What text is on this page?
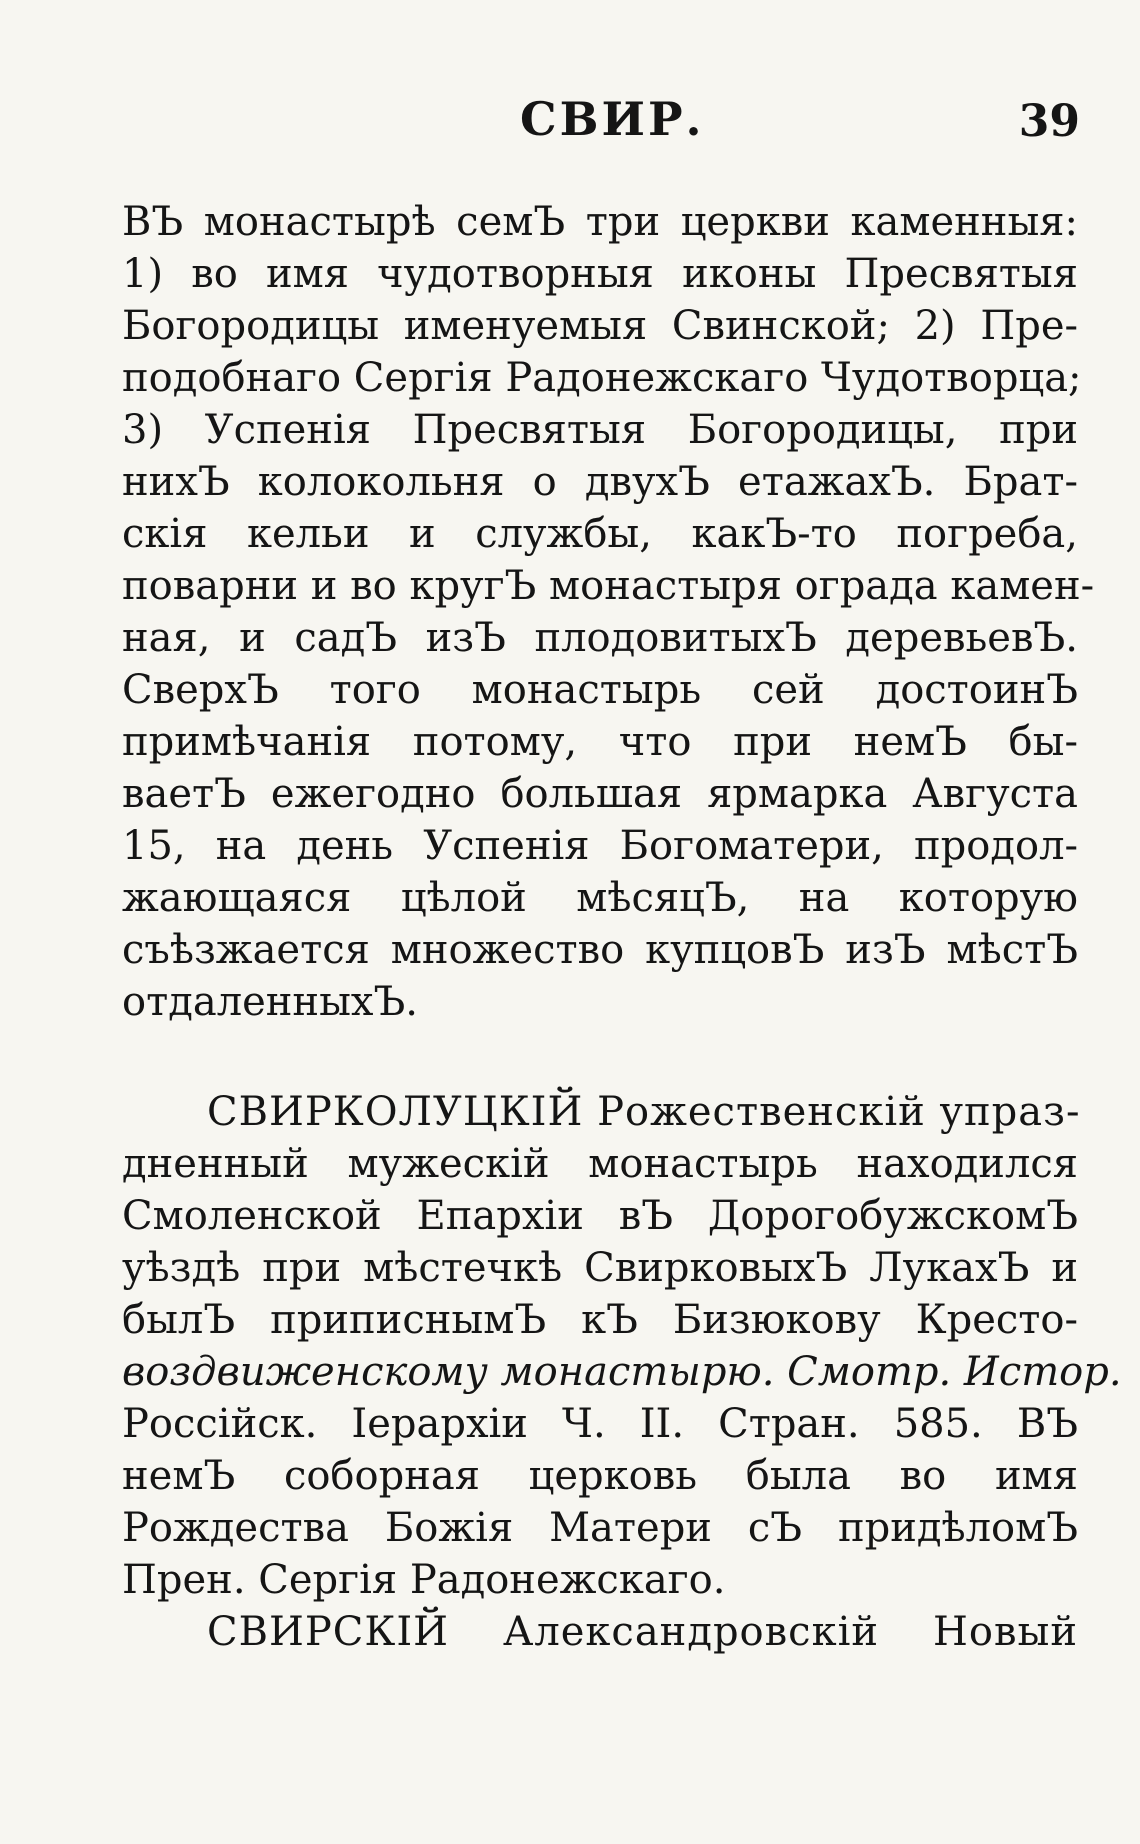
СВИР.	39
ВЪ монастырѣ семЪ три церкви каменныя:
1) во имя чудотворныя иконы Пресвятыя
Богородицы именуемыя Свинской; 2) Пре-
подобнаго Сергія Радонежскаго Чудотворца;
3) Успенія Пресвятыя Богородицы, при
нихЪ колокольня о двухЪ етажахЪ. Брат-
скія кельи и службы, какЪ-то погреба,
поварни и во кругЪ монастыря ограда камен-
ная, и садЪ изЪ плодовитыхЪ деревьевЪ.
СверхЪ того монастырь сей достоинЪ
примѣчанія потому, что при немЪ бы-
ваетЪ ежегодно большая ярмарка Августа
15, на день Успенія Богоматери, продол-
жающаяся цѣлой мѣсяцЪ, на которую
съѣзжается множество купцовЪ изЪ мѣстЪ
отдаленныхЪ.
СВИРКОЛУЦКІЙ Рожественскій упраз-
дненный мужескій монастырь находился
Смоленской Епархіи вЪ ДорогобужскомЪ
уѣздѣ при мѣстечкѣ СвирковыхЪ ЛукахЪ и
былЪ приписнымЪ кЪ Бизюкову Кресто-
воздвиженскому монастырю. Смотр. Истор.
Россійск. Іерархіи Ч. II. Стран. 585. ВЪ
немЪ соборная церковь была во имя
Рождества Божія Матери сЪ придѣломЪ
Прен. Сергія Радонежскаго.
СВИРСКІЙ Александровскій Новый
